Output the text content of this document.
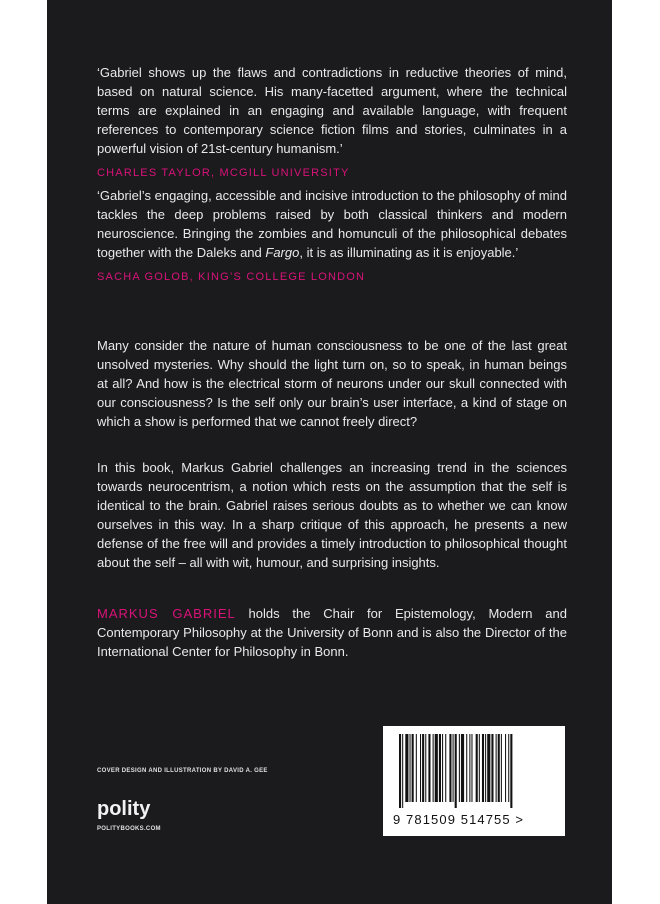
‘Gabriel shows up the flaws and contradictions in reductive theories of mind, based on natural science. His many-facetted argument, where the technical terms are explained in an engaging and available language, with frequent references to contemporary science fiction films and stories, culminates in a powerful vision of 21st-century humanism.’
CHARLES TAYLOR, MCGILL UNIVERSITY
‘Gabriel’s engaging, accessible and incisive introduction to the philosophy of mind tackles the deep problems raised by both classical thinkers and modern neuroscience. Bringing the zombies and homunculi of the philosophical debates together with the Daleks and Fargo, it is as illuminating as it is enjoyable.’
SACHA GOLOB, KING’S COLLEGE LONDON
Many consider the nature of human consciousness to be one of the last great unsolved mysteries. Why should the light turn on, so to speak, in human beings at all? And how is the electrical storm of neurons under our skull connected with our consciousness? Is the self only our brain’s user interface, a kind of stage on which a show is performed that we cannot freely direct?
In this book, Markus Gabriel challenges an increasing trend in the sciences towards neurocentrism, a notion which rests on the assumption that the self is identical to the brain. Gabriel raises serious doubts as to whether we can know ourselves in this way. In a sharp critique of this approach, he presents a new defense of the free will and provides a timely introduction to philosophical thought about the self – all with wit, humour, and surprising insights.
MARKUS GABRIEL holds the Chair for Epistemology, Modern and Contemporary Philosophy at the University of Bonn and is also the Director of the International Center for Philosophy in Bonn.
COVER DESIGN AND ILLUSTRATION BY DAVID A. GEE
polity
POLITYBOOKS.COM
9 781509 514755 >
